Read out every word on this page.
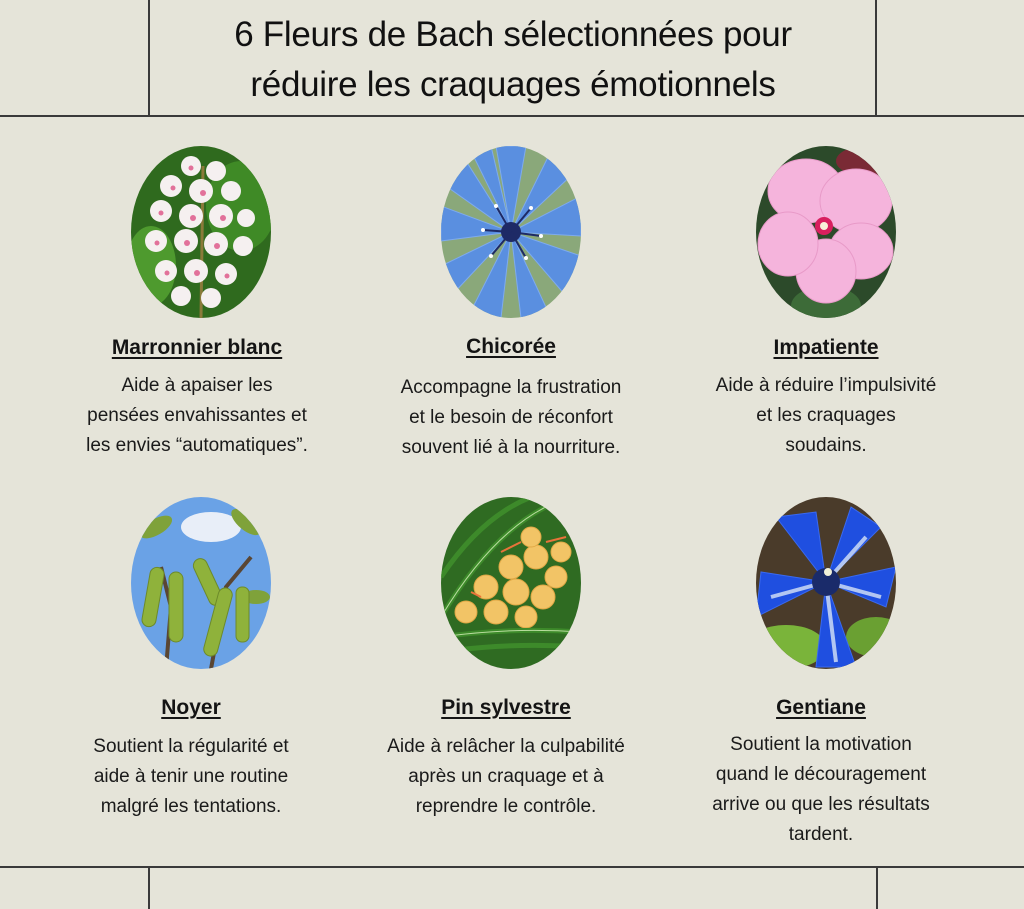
6 Fleurs de Bach sélectionnées pour
réduire les craquages émotionnels
Marronnier blanc
Aide à apaiser les
pensées envahissantes et
les envies “automatiques”.
Chicorée
Accompagne la frustration
et le besoin de réconfort
souvent lié à la nourriture.
Impatiente
Aide à réduire l’impulsivité
et les craquages
soudains.
Noyer
Soutient la régularité et
aide à tenir une routine
malgré les tentations.
Pin sylvestre
Aide à relâcher la culpabilité
après un craquage et à
reprendre le contrôle.
Gentiane
Soutient la motivation
quand le découragement
arrive ou que les résultats
tardent.
